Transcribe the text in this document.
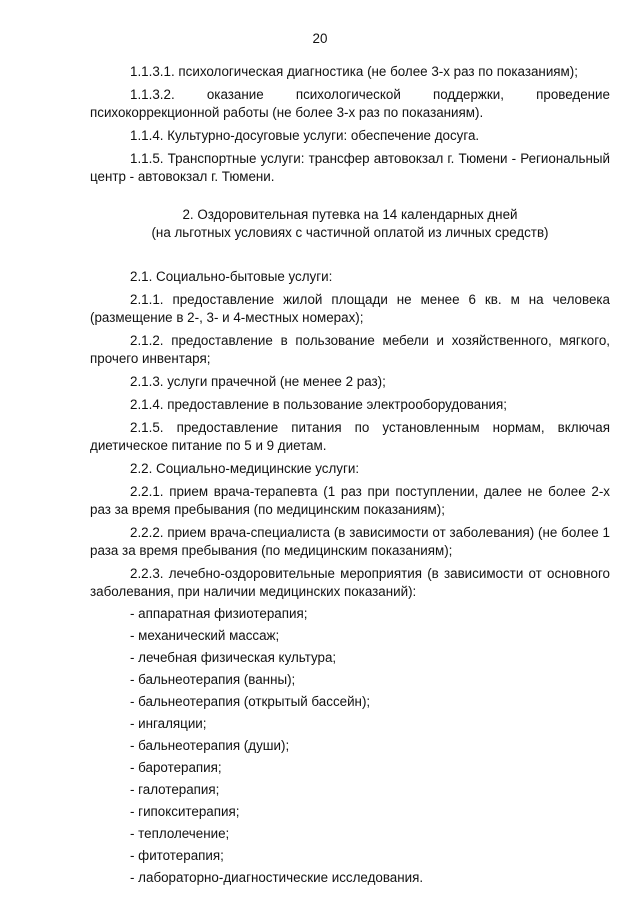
20

1.1.3.1. психологическая диагностика (не более 3-х раз по показаниям);

1.1.3.2. оказание психологической поддержки, проведение психокоррекционной работы (не более 3-х раз по показаниям).

1.1.4. Культурно-досуговые услуги: обеспечение досуга.

1.1.5. Транспортные услуги: трансфер автовокзал г. Тюмени - Региональный центр - автовокзал г. Тюмени.

2. Оздоровительная путевка на 14 календарных дней

(на льготных условиях с частичной оплатой из личных средств)

2.1. Социально-бытовые услуги:

2.1.1. предоставление жилой площади не менее 6 кв. м на человека (размещение в 2-, 3- и 4-местных номерах);

2.1.2. предоставление в пользование мебели и хозяйственного, мягкого, прочего инвентаря;

2.1.3. услуги прачечной (не менее 2 раз);

2.1.4. предоставление в пользование электрооборудования;

2.1.5. предоставление питания по установленным нормам, включая диетическое питание по 5 и 9 диетам.

2.2. Социально-медицинские услуги:

2.2.1. прием врача-терапевта (1 раз при поступлении, далее не более 2-х раз за время пребывания (по медицинским показаниям);

2.2.2. прием врача-специалиста (в зависимости от заболевания) (не более 1 раза за время пребывания (по медицинским показаниям);

2.2.3. лечебно-оздоровительные мероприятия (в зависимости от основного заболевания, при наличии медицинских показаний):

- аппаратная физиотерапия;

- механический массаж;

- лечебная физическая культура;

- бальнеотерапия (ванны);

- бальнеотерапия (открытый бассейн);

- ингаляции;

- бальнеотерапия (души);

- баротерапия;

- галотерапия;

- гипокситерапия;

- теплолечение;

- фитотерапия;

- лабораторно-диагностические исследования.
